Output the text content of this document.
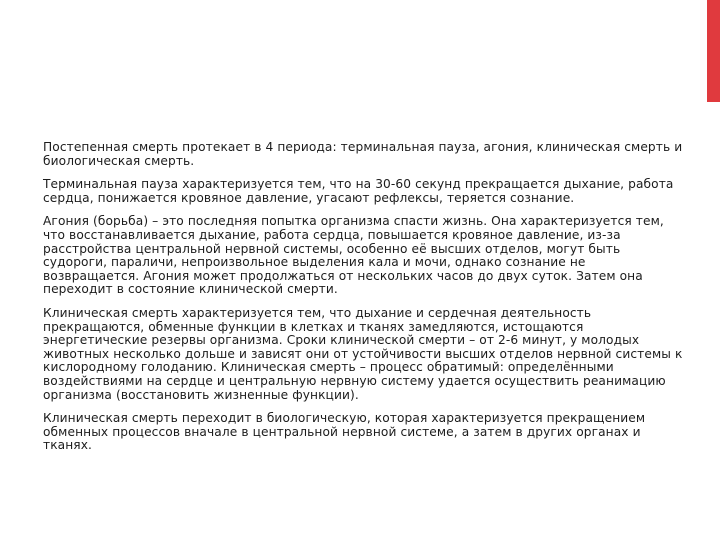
Постепенная смерть протекает в 4 периода: терминальная пауза, агония, клиническая смерть и биологическая смерть.

Терминальная пауза характеризуется тем, что на 30-60 секунд прекращается дыхание, работа сердца, понижается кровяное давление, угасают рефлексы, теряется сознание.

Агония (борьба) – это последняя попытка организма спасти жизнь. Она характеризуется тем, что восстанавливается дыхание, работа сердца, повышается кровяное давление, из-за расстройства центральной нервной системы, особенно её высших отделов, могут быть судороги, параличи, непроизвольное выделения кала и мочи, однако сознание не возвращается. Агония может продолжаться от нескольких часов до двух суток. Затем она переходит в состояние клинической смерти.

Клиническая смерть характеризуется тем, что дыхание и сердечная деятельность прекращаются, обменные функции в клетках и тканях замедляются, истощаются энергетические резервы организма. Сроки клинической смерти – от 2-6 минут, у молодых животных несколько дольше и зависят они от устойчивости высших отделов нервной системы к кислородному голоданию. Клиническая смерть – процесс обратимый: определёнными воздействиями на сердце и центральную нервную систему удается осуществить реанимацию организма (восстановить жизненные функции).

Клиническая смерть переходит в биологическую, которая характеризуется прекращением обменных процессов вначале в центральной нервной системе, а затем в других органах и тканях.
